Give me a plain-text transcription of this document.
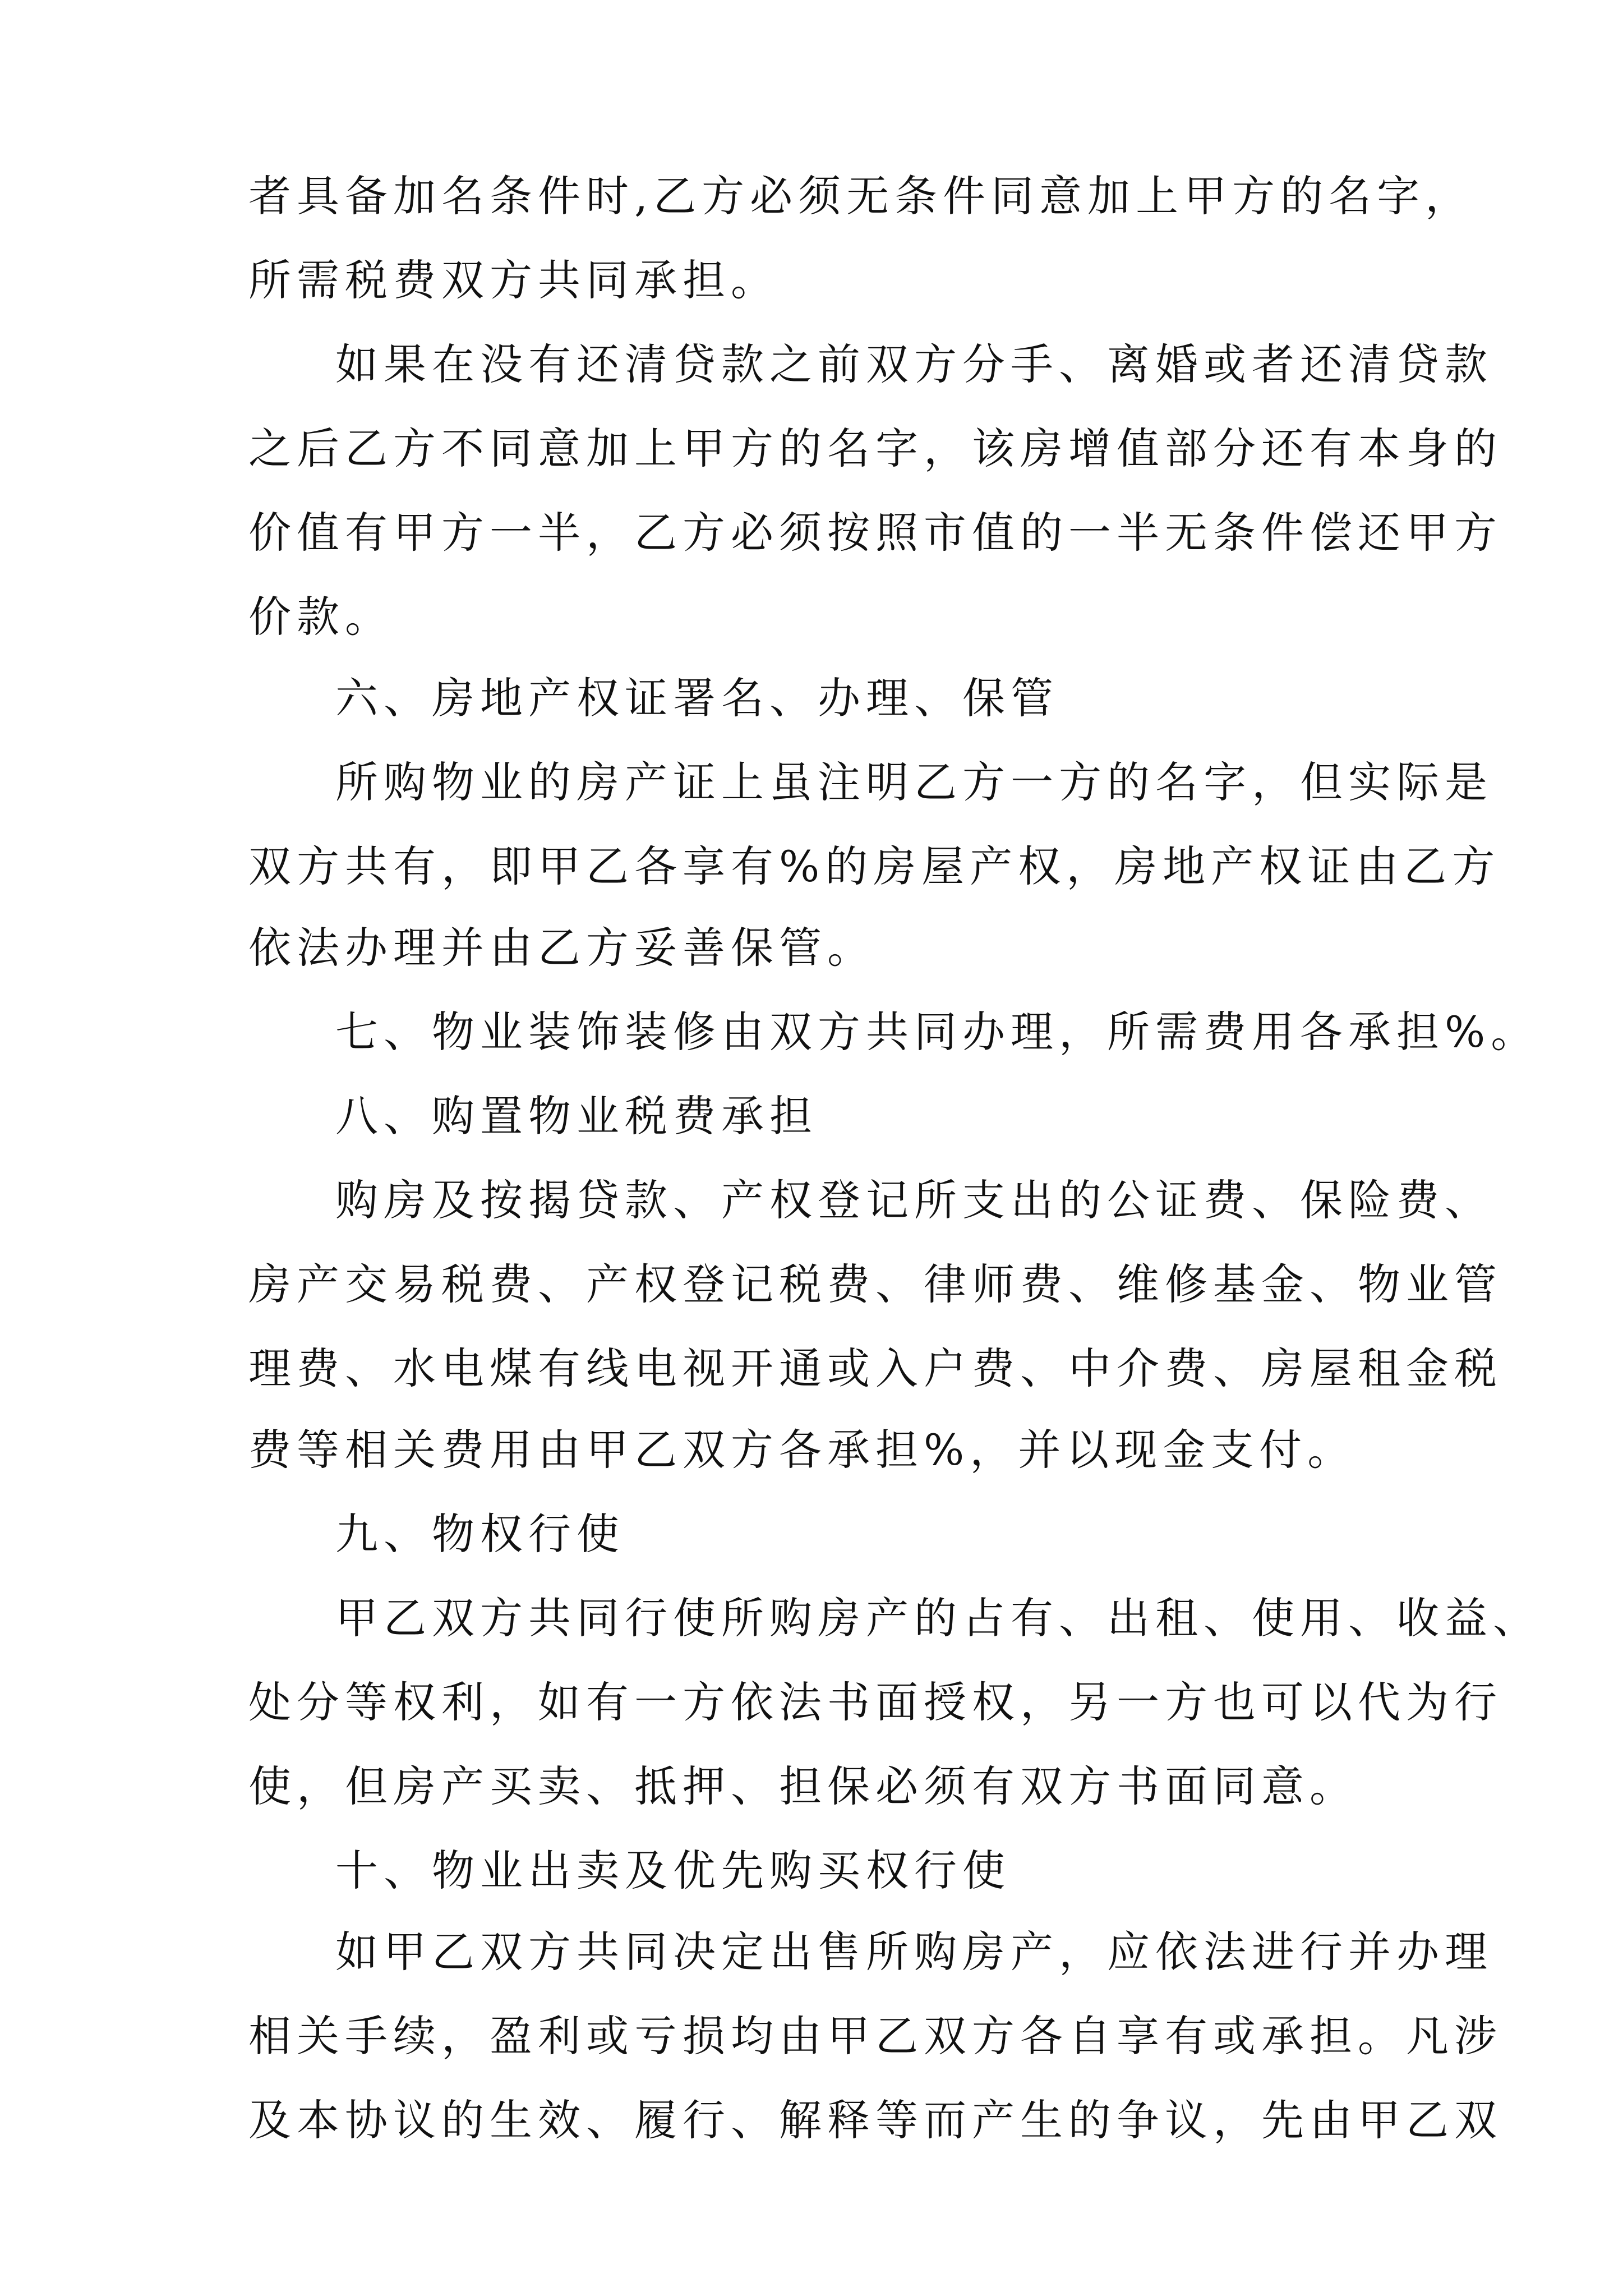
者具备加名条件时,乙方必须无条件同意加上甲方的名字，
所需税费双方共同承担。
如果在没有还清贷款之前双方分手、离婚或者还清贷款
之后乙方不同意加上甲方的名字，该房增值部分还有本身的
价值有甲方一半，乙方必须按照市值的一半无条件偿还甲方
价款。
六、房地产权证署名、办理、保管
所购物业的房产证上虽注明乙方一方的名字，但实际是
双方共有，即甲乙各享有%的房屋产权，房地产权证由乙方
依法办理并由乙方妥善保管。
七、物业装饰装修由双方共同办理，所需费用各承担%。
八、购置物业税费承担
购房及按揭贷款、产权登记所支出的公证费、保险费、
房产交易税费、产权登记税费、律师费、维修基金、物业管
理费、水电煤有线电视开通或入户费、中介费、房屋租金税
费等相关费用由甲乙双方各承担%，并以现金支付。
九、物权行使
甲乙双方共同行使所购房产的占有、出租、使用、收益、
处分等权利，如有一方依法书面授权，另一方也可以代为行
使，但房产买卖、抵押、担保必须有双方书面同意。
十、物业出卖及优先购买权行使
如甲乙双方共同决定出售所购房产，应依法进行并办理
相关手续，盈利或亏损均由甲乙双方各自享有或承担。凡涉
及本协议的生效、履行、解释等而产生的争议，先由甲乙双
